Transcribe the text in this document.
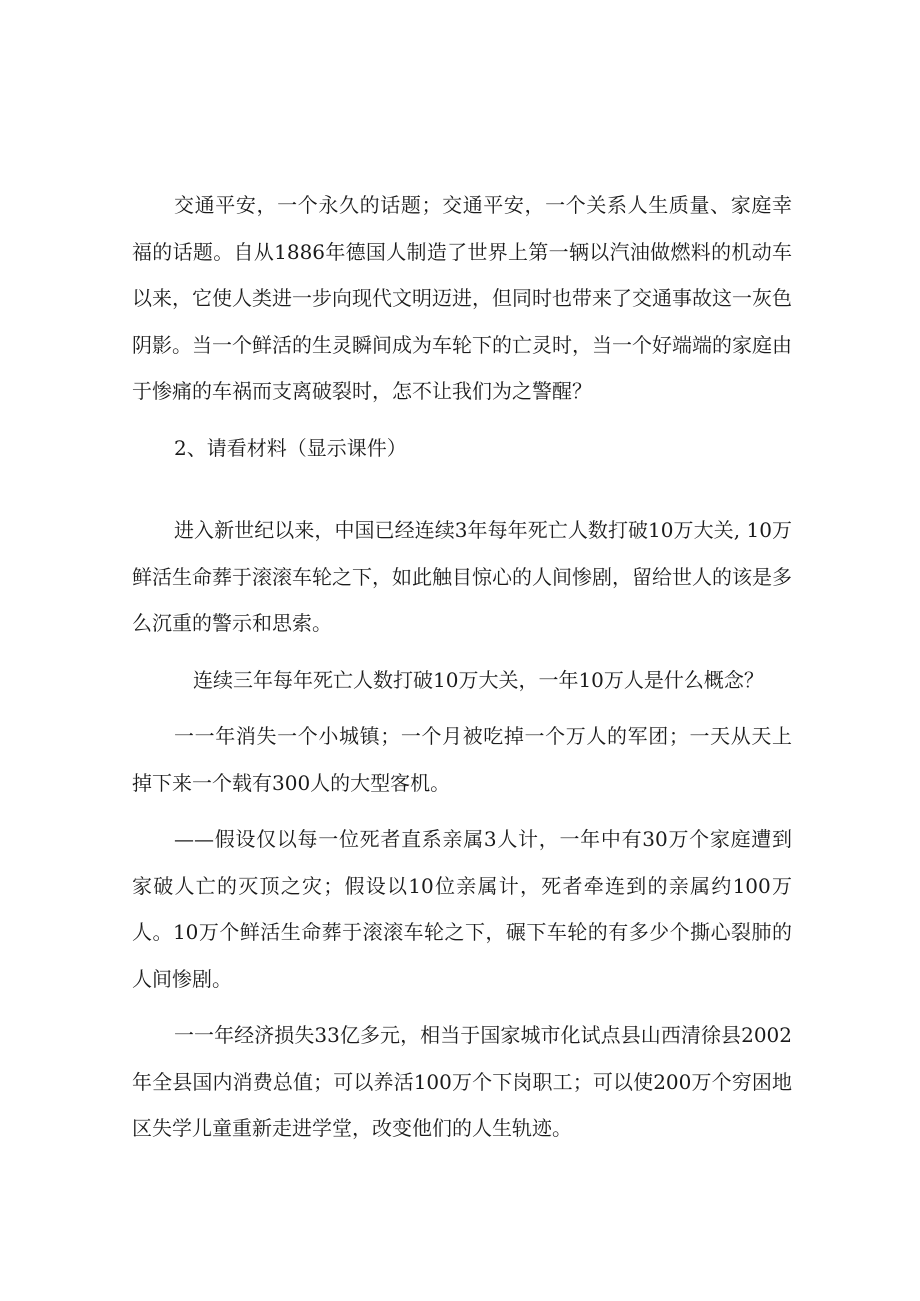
交通平安，一个永久的话题；交通平安，一个关系人生质量、家庭幸福的话题。自从1886年德国人制造了世界上第一辆以汽油做燃料的机动车以来，它使人类进一步向现代文明迈进，但同时也带来了交通事故这一灰色阴影。当一个鲜活的生灵瞬间成为车轮下的亡灵时，当一个好端端的家庭由于惨痛的车祸而支离破裂时，怎不让我们为之警醒？

2、请看材料（显示课件）

进入新世纪以来，中国已经连续3年每年死亡人数打破10万大关, 10万鲜活生命葬于滚滚车轮之下，如此触目惊心的人间惨剧，留给世人的该是多么沉重的警示和思索。

连续三年每年死亡人数打破10万大关，一年10万人是什么概念？

一一年消失一个小城镇；一个月被吃掉一个万人的军团；一天从天上掉下来一个载有300人的大型客机。

——假设仅以每一位死者直系亲属3人计，一年中有30万个家庭遭到家破人亡的灭顶之灾；假设以10位亲属计，死者牵连到的亲属约100万人。10万个鲜活生命葬于滚滚车轮之下，碾下车轮的有多少个撕心裂肺的人间惨剧。

一一年经济损失33亿多元，相当于国家城市化试点县山西清徐县2002年全县国内消费总值；可以养活100万个下岗职工；可以使200万个穷困地区失学儿童重新走进学堂，改变他们的人生轨迹。
